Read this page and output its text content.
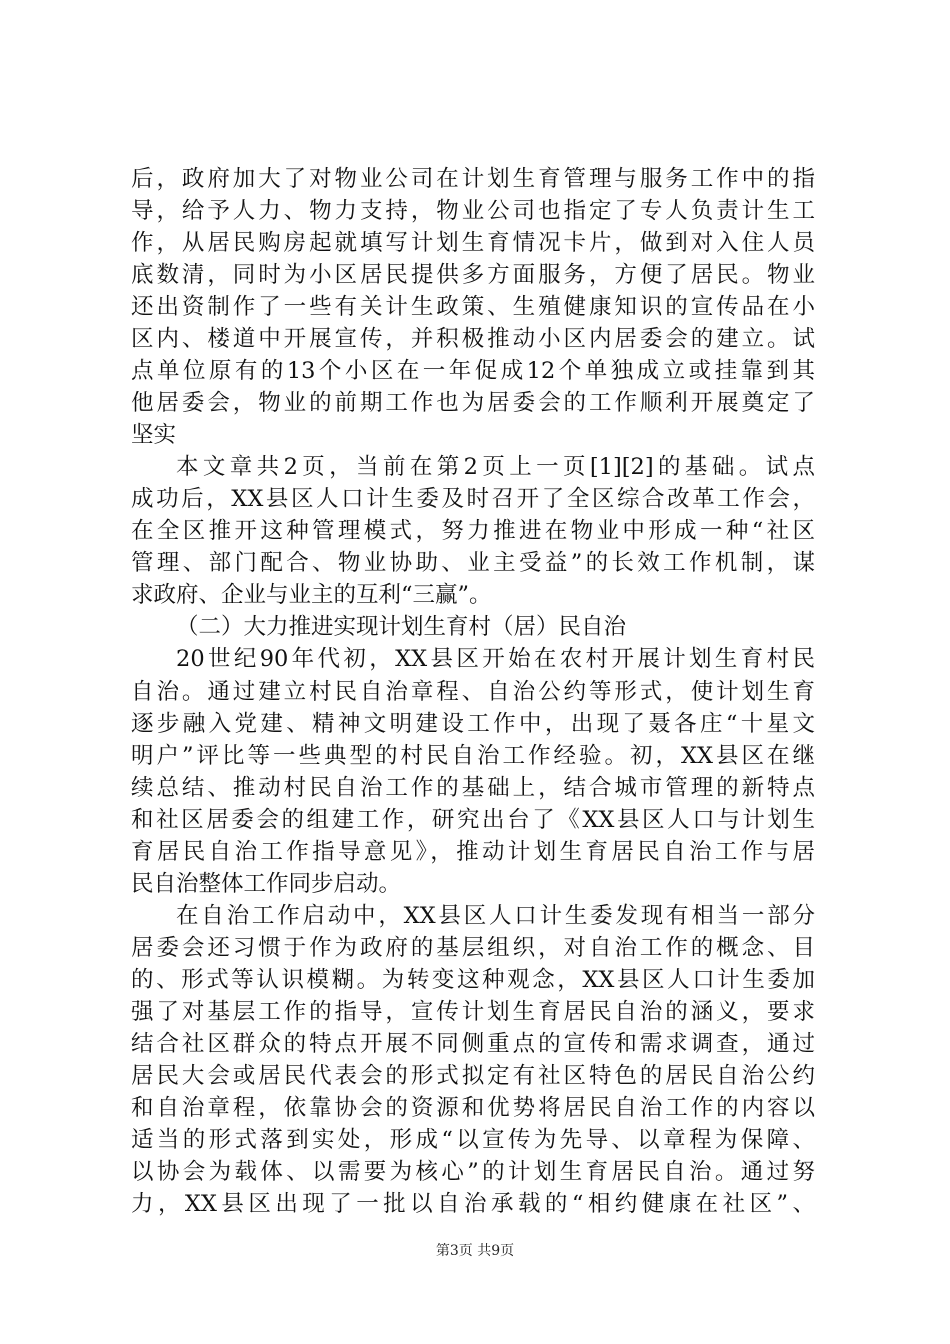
后，政府加大了对物业公司在计划生育管理与服务工作中的指
导，给予人力、物力支持，物业公司也指定了专人负责计生工
作，从居民购房起就填写计划生育情况卡片，做到对入住人员
底数清，同时为小区居民提供多方面服务，方便了居民。物业
还出资制作了一些有关计生政策、生殖健康知识的宣传品在小
区内、楼道中开展宣传，并积极推动小区内居委会的建立。试
点单位原有的13个小区在一年促成12个单独成立或挂靠到其
他居委会，物业的前期工作也为居委会的工作顺利开展奠定了
坚实
本文章共2页，当前在第2页上一页[1][2]的基础。试点
成功后，XX县区人口计生委及时召开了全区综合改革工作会，
在全区推开这种管理模式，努力推进在物业中形成一种“社区
管理、部门配合、物业协助、业主受益”的长效工作机制，谋
求政府、企业与业主的互利“三赢”。
（二）大力推进实现计划生育村（居）民自治
20世纪90年代初，XX县区开始在农村开展计划生育村民
自治。通过建立村民自治章程、自治公约等形式，使计划生育
逐步融入党建、精神文明建设工作中，出现了聂各庄“十星文
明户”评比等一些典型的村民自治工作经验。初，XX县区在继
续总结、推动村民自治工作的基础上，结合城市管理的新特点
和社区居委会的组建工作，研究出台了《XX县区人口与计划生
育居民自治工作指导意见》，推动计划生育居民自治工作与居
民自治整体工作同步启动。
在自治工作启动中，XX县区人口计生委发现有相当一部分
居委会还习惯于作为政府的基层组织，对自治工作的概念、目
的、形式等认识模糊。为转变这种观念，XX县区人口计生委加
强了对基层工作的指导，宣传计划生育居民自治的涵义，要求
结合社区群众的特点开展不同侧重点的宣传和需求调查，通过
居民大会或居民代表会的形式拟定有社区特色的居民自治公约
和自治章程，依靠协会的资源和优势将居民自治工作的内容以
适当的形式落到实处，形成“以宣传为先导、以章程为保障、
以协会为载体、以需要为核心”的计划生育居民自治。通过努
力，XX县区出现了一批以自治承载的“相约健康在社区”、
第3页 共9页
